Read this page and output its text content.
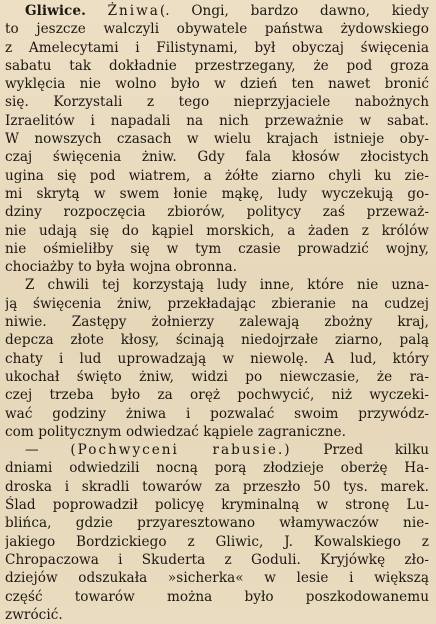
Gliwice. Żniwa(. Ongi, bardzo dawno, kiedy
to jeszcze walczyli obywatele państwa żydowskiego
z Amelecytami i Filistynami, był obyczaj święcenia
sabatu tak dokładnie przestrzegany, że pod groza
wyklęcia nie wolno było w dzień ten nawet bronić
się. Korzystali z tego nieprzyjaciele nabożnych
Izraelitów i napadali na nich przeważnie w sabat.
W nowszych czasach w wielu krajach istnieje oby-
czaj święcenia żniw. Gdy fala kłosów złocistych
ugina się pod wiatrem, a żółte ziarno chyli ku zie-
mi skrytą w swem łonie mąkę, ludy wyczekują go-
dziny rozpoczęcia zbiorów, politycy zaś przeważ-
nie udają się do kąpiel morskich, a żaden z królów
nie ośmieliłby się w tym czasie prowadzić wojny,
chociażby to była wojna obronna.
Z chwili tej korzystają ludy inne, które nie uzna-
ją święcenia żniw, przekładając zbieranie na cudzej
niwie. Zastępy żołnierzy zalewają zbożny kraj,
depcza złote kłosy, ścinają niedojrzałe ziarno, palą
chaty i lud uprowadzają w niewolę. A lud, który
ukochał święto żniw, widzi po niewczasie, że ra-
czej trzeba było za oręż pochwycić, niż wyczeki-
wać godziny żniwa i pozwalać swoim przywódz-
com politycznym odwiedzać kąpiele zagraniczne.
— (Pochwyceni rabusie.) Przed kilku
dniami odwiedzili nocną porą złodzieje oberżę Ha-
droska i skradli towarów za przeszło 50 tys. marek.
Ślad poprowadził policyę kryminalną w stronę Lu-
blińca, gdzie przyaresztowano włamywaczów nie-
jakiego Bordzickiego z Gliwic, J. Kowalskiego z
Chropaczowa i Skuderta z Goduli. Kryjówkę zło-
dziejów odszukała »sicherka« w lesie i większą
część towarów można było poszkodowanemu
zwrócić.
